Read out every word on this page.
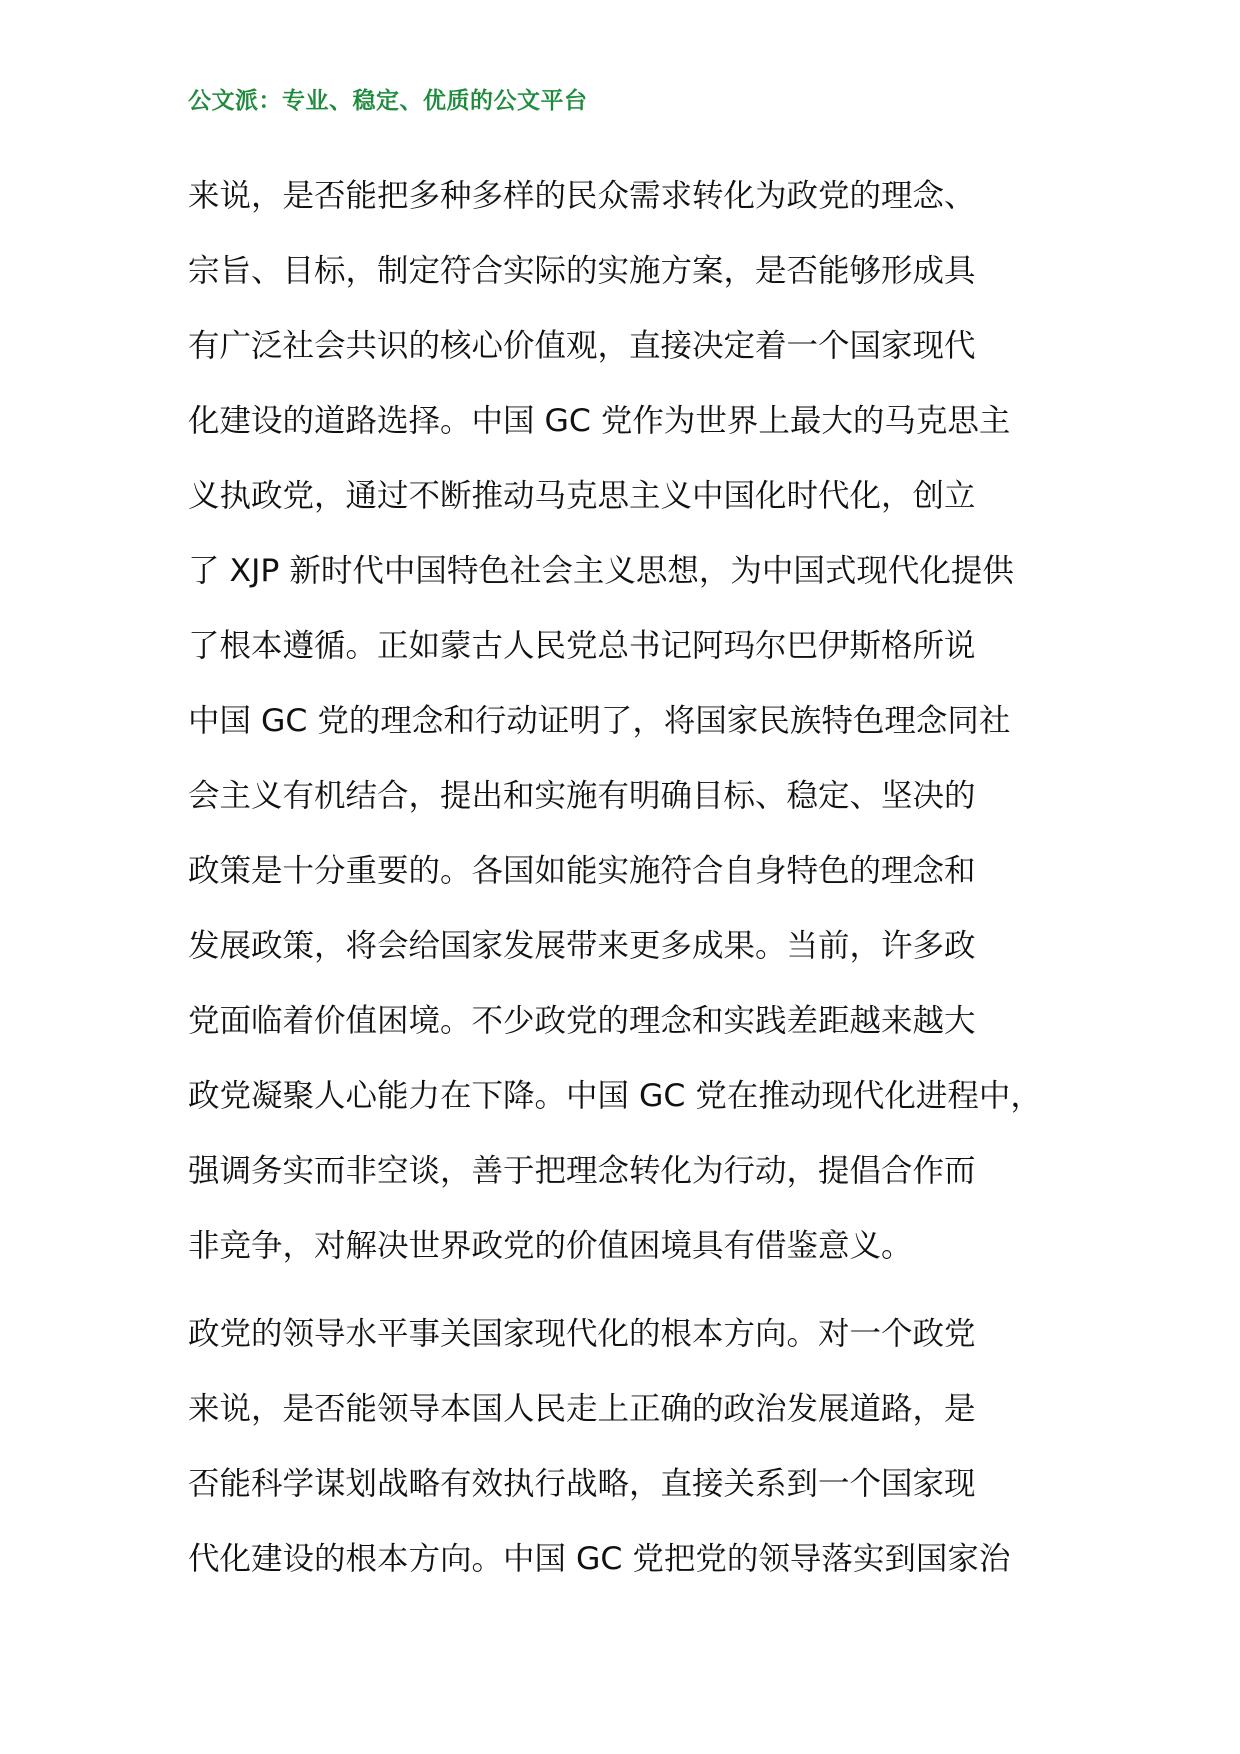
公文派：专业、稳定、优质的公文平台
来说，是否能把多种多样的民众需求转化为政党的理念、
宗旨、目标，制定符合实际的实施方案，是否能够形成具
有广泛社会共识的核心价值观，直接决定着一个国家现代
化建设的道路选择。中国 GC 党作为世界上最大的马克思主
义执政党，通过不断推动马克思主义中国化时代化，创立
了 XJP 新时代中国特色社会主义思想，为中国式现代化提供
了根本遵循。正如蒙古人民党总书记阿玛尔巴伊斯格所说
中国 GC 党的理念和行动证明了，将国家民族特色理念同社
会主义有机结合，提出和实施有明确目标、稳定、坚决的
政策是十分重要的。各国如能实施符合自身特色的理念和
发展政策，将会给国家发展带来更多成果。当前，许多政
党面临着价值困境。不少政党的理念和实践差距越来越大
政党凝聚人心能力在下降。中国 GC 党在推动现代化进程中，
强调务实而非空谈，善于把理念转化为行动，提倡合作而
非竞争，对解决世界政党的价值困境具有借鉴意义。
政党的领导水平事关国家现代化的根本方向。对一个政党
来说，是否能领导本国人民走上正确的政治发展道路，是
否能科学谋划战略有效执行战略，直接关系到一个国家现
代化建设的根本方向。中国 GC 党把党的领导落实到国家治
